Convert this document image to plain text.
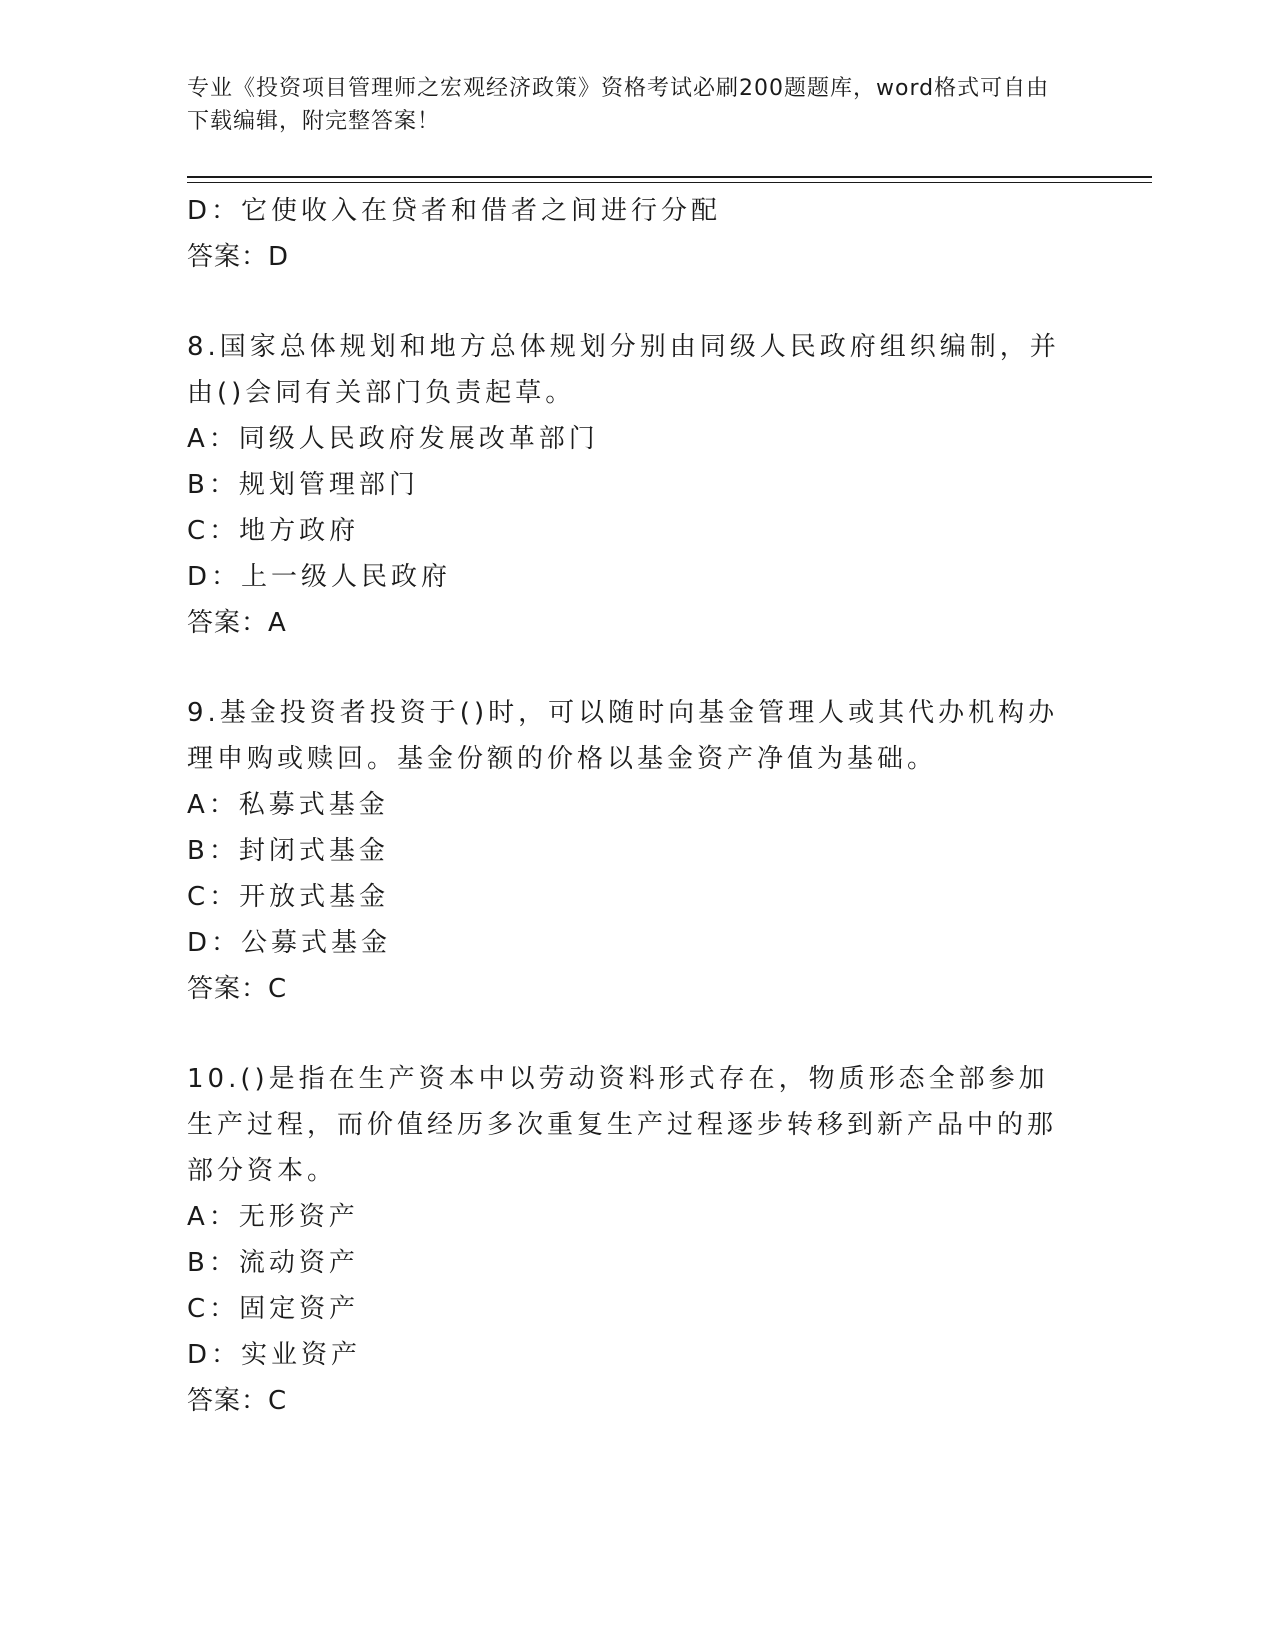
专业《投资项目管理师之宏观经济政策》资格考试必刷200题题库，word格式可自由下载编辑，附完整答案！
D：它使收入在贷者和借者之间进行分配
答案：D
8.国家总体规划和地方总体规划分别由同级人民政府组织编制，并由()会同有关部门负责起草。
A：同级人民政府发展改革部门
B：规划管理部门
C：地方政府
D：上一级人民政府
答案：A
9.基金投资者投资于()时，可以随时向基金管理人或其代办机构办理申购或赎回。基金份额的价格以基金资产净值为基础。
A：私募式基金
B：封闭式基金
C：开放式基金
D：公募式基金
答案：C
10.()是指在生产资本中以劳动资料形式存在，物质形态全部参加生产过程，而价值经历多次重复生产过程逐步转移到新产品中的那部分资本。
A：无形资产
B：流动资产
C：固定资产
D：实业资产
答案：C
